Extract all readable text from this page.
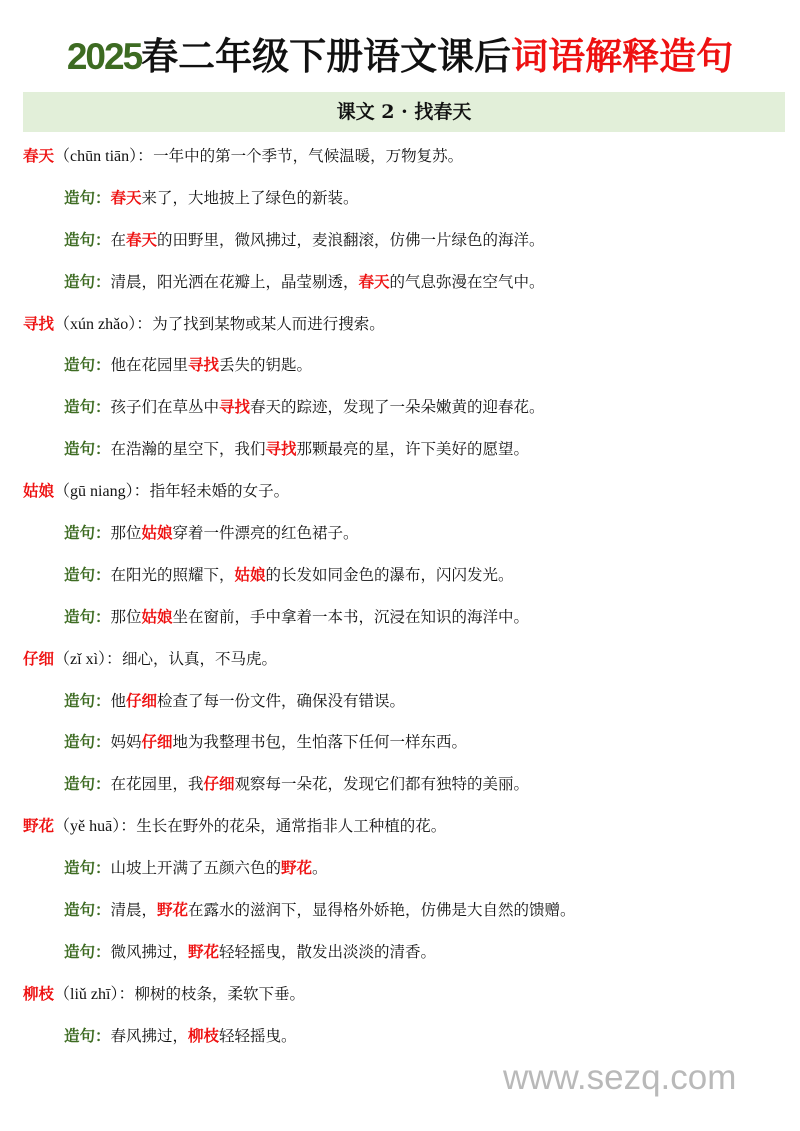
2025春二年级下册语文课后词语解释造句
课文 2 · 找春天
春天（chūn tiān）：一年中的第一个季节，气候温暖，万物复苏。
造句：春天来了，大地披上了绿色的新装。
造句：在春天的田野里，微风拂过，麦浪翻滚，仿佛一片绿色的海洋。
造句：清晨，阳光洒在花瓣上，晶莹剔透，春天的气息弥漫在空气中。
寻找（xún zhǎo）：为了找到某物或某人而进行搜索。
造句：他在花园里寻找丢失的钥匙。
造句：孩子们在草丛中寻找春天的踪迹，发现了一朵朵嫩黄的迎春花。
造句：在浩瀚的星空下，我们寻找那颗最亮的星，许下美好的愿望。
姑娘（gū niang）：指年轻未婚的女子。
造句：那位姑娘穿着一件漂亮的红色裙子。
造句：在阳光的照耀下，姑娘的长发如同金色的瀑布，闪闪发光。
造句：那位姑娘坐在窗前，手中拿着一本书，沉浸在知识的海洋中。
仔细（zǐ xì）：细心，认真，不马虎。
造句：他仔细检查了每一份文件，确保没有错误。
造句：妈妈仔细地为我整理书包，生怕落下任何一样东西。
造句：在花园里，我仔细观察每一朵花，发现它们都有独特的美丽。
野花（yě huā）：生长在野外的花朵，通常指非人工种植的花。
造句：山坡上开满了五颜六色的野花。
造句：清晨，野花在露水的滋润下，显得格外娇艳，仿佛是大自然的馈赠。
造句：微风拂过，野花轻轻摇曳，散发出淡淡的清香。
柳枝（liǔ zhī）：柳树的枝条，柔软下垂。
造句：春风拂过，柳枝轻轻摇曳。
www.sezq.com
